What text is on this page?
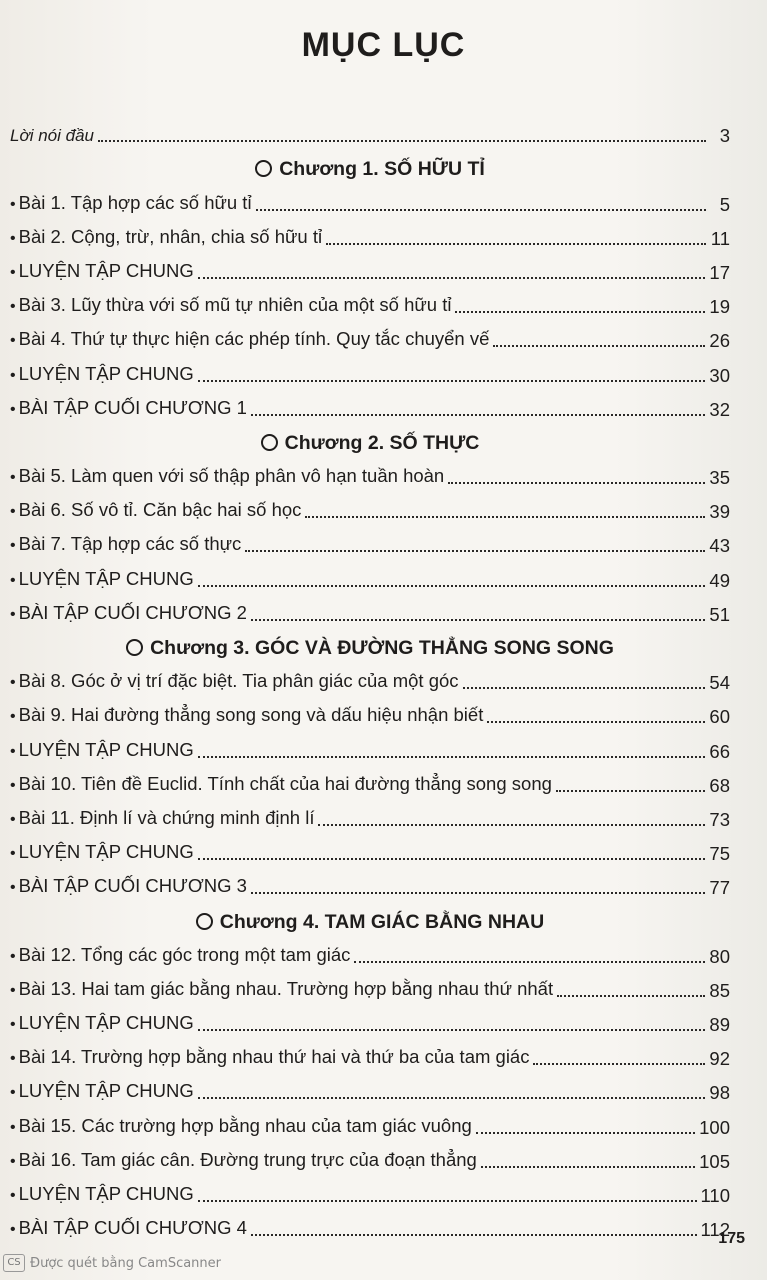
MỤC LỤC
Lời nói đầu	3
Chương 1. SỐ HỮU TỈ
• Bài 1. Tập hợp các số hữu tỉ	5
• Bài 2. Cộng, trừ, nhân, chia số hữu tỉ	11
• LUYỆN TẬP CHUNG	17
• Bài 3. Lũy thừa với số mũ tự nhiên của một số hữu tỉ	19
• Bài 4. Thứ tự thực hiện các phép tính. Quy tắc chuyển vế	26
• LUYỆN TẬP CHUNG	30
• BÀI TẬP CUỐI CHƯƠNG 1	32
Chương 2. SỐ THỰC
• Bài 5. Làm quen với số thập phân vô hạn tuần hoàn	35
• Bài 6. Số vô tỉ. Căn bậc hai số học	39
• Bài 7. Tập hợp các số thực	43
• LUYỆN TẬP CHUNG	49
• BÀI TẬP CUỐI CHƯƠNG 2	51
Chương 3. GÓC VÀ ĐƯỜNG THẲNG SONG SONG
• Bài 8. Góc ở vị trí đặc biệt. Tia phân giác của một góc	54
• Bài 9. Hai đường thẳng song song và dấu hiệu nhận biết	60
• LUYỆN TẬP CHUNG	66
• Bài 10. Tiên đề Euclid. Tính chất của hai đường thẳng song song	68
• Bài 11. Định lí và chứng minh định lí	73
• LUYỆN TẬP CHUNG	75
• BÀI TẬP CUỐI CHƯƠNG 3	77
Chương 4. TAM GIÁC BẰNG NHAU
• Bài 12. Tổng các góc trong một tam giác	80
• Bài 13. Hai tam giác bằng nhau. Trường hợp bằng nhau thứ nhất	85
• LUYỆN TẬP CHUNG	89
• Bài 14. Trường hợp bằng nhau thứ hai và thứ ba của tam giác	92
• LUYỆN TẬP CHUNG	98
• Bài 15. Các trường hợp bằng nhau của tam giác vuông	100
• Bài 16. Tam giác cân. Đường trung trực của đoạn thẳng	105
• LUYỆN TẬP CHUNG	110
• BÀI TẬP CUỐI CHƯƠNG 4	112
175
CS Được quét bằng CamScanner
